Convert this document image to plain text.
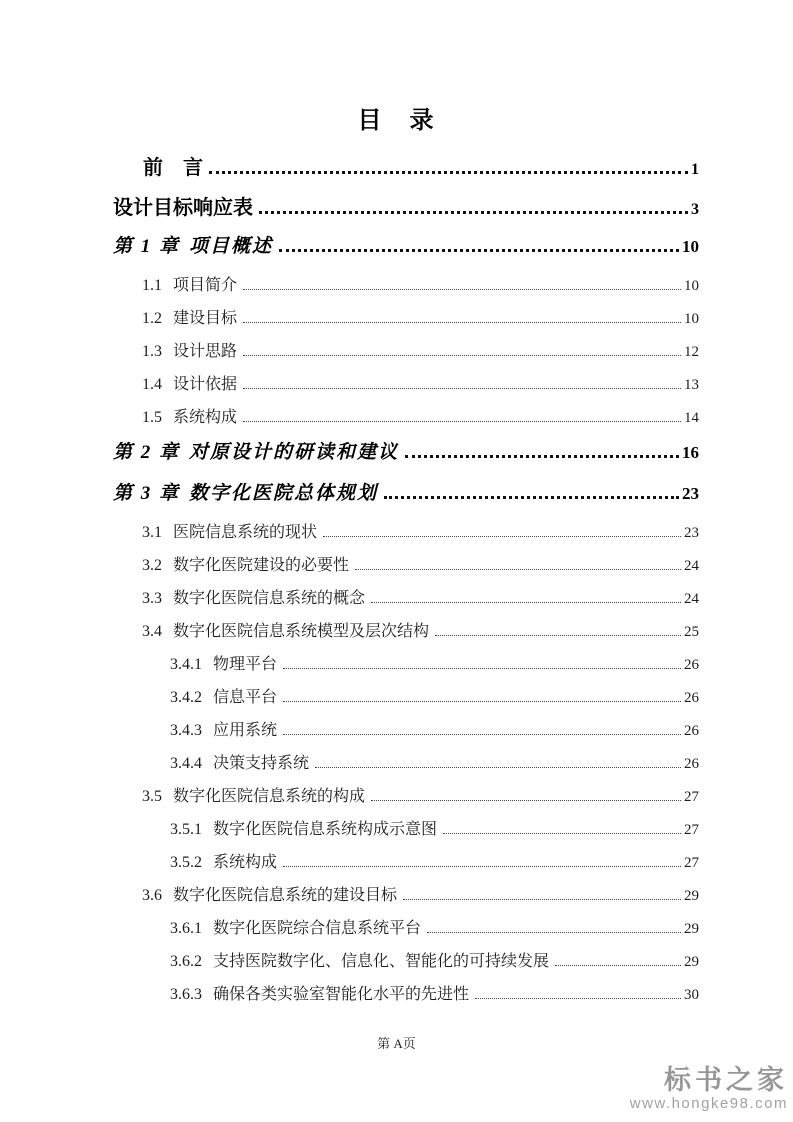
目　录
前　言	1
设计目标响应表	3
第 1 章 项目概述	10
1.1 项目简介	10
1.2 建设目标	10
1.3 设计思路	12
1.4 设计依据	13
1.5 系统构成	14
第 2 章 对原设计的研读和建议	16
第 3 章 数字化医院总体规划	23
3.1 医院信息系统的现状	23
3.2 数字化医院建设的必要性	24
3.3 数字化医院信息系统的概念	24
3.4 数字化医院信息系统模型及层次结构	25
3.4.1 物理平台	26
3.4.2 信息平台	26
3.4.3 应用系统	26
3.4.4 决策支持系统	26
3.5 数字化医院信息系统的构成	27
3.5.1 数字化医院信息系统构成示意图	27
3.5.2 系统构成	27
3.6 数字化医院信息系统的建设目标	29
3.6.1 数字化医院综合信息系统平台	29
3.6.2 支持医院数字化、信息化、智能化的可持续发展	29
3.6.3 确保各类实验室智能化水平的先进性	30
第 A页
标书之家
www.hongke98.com
